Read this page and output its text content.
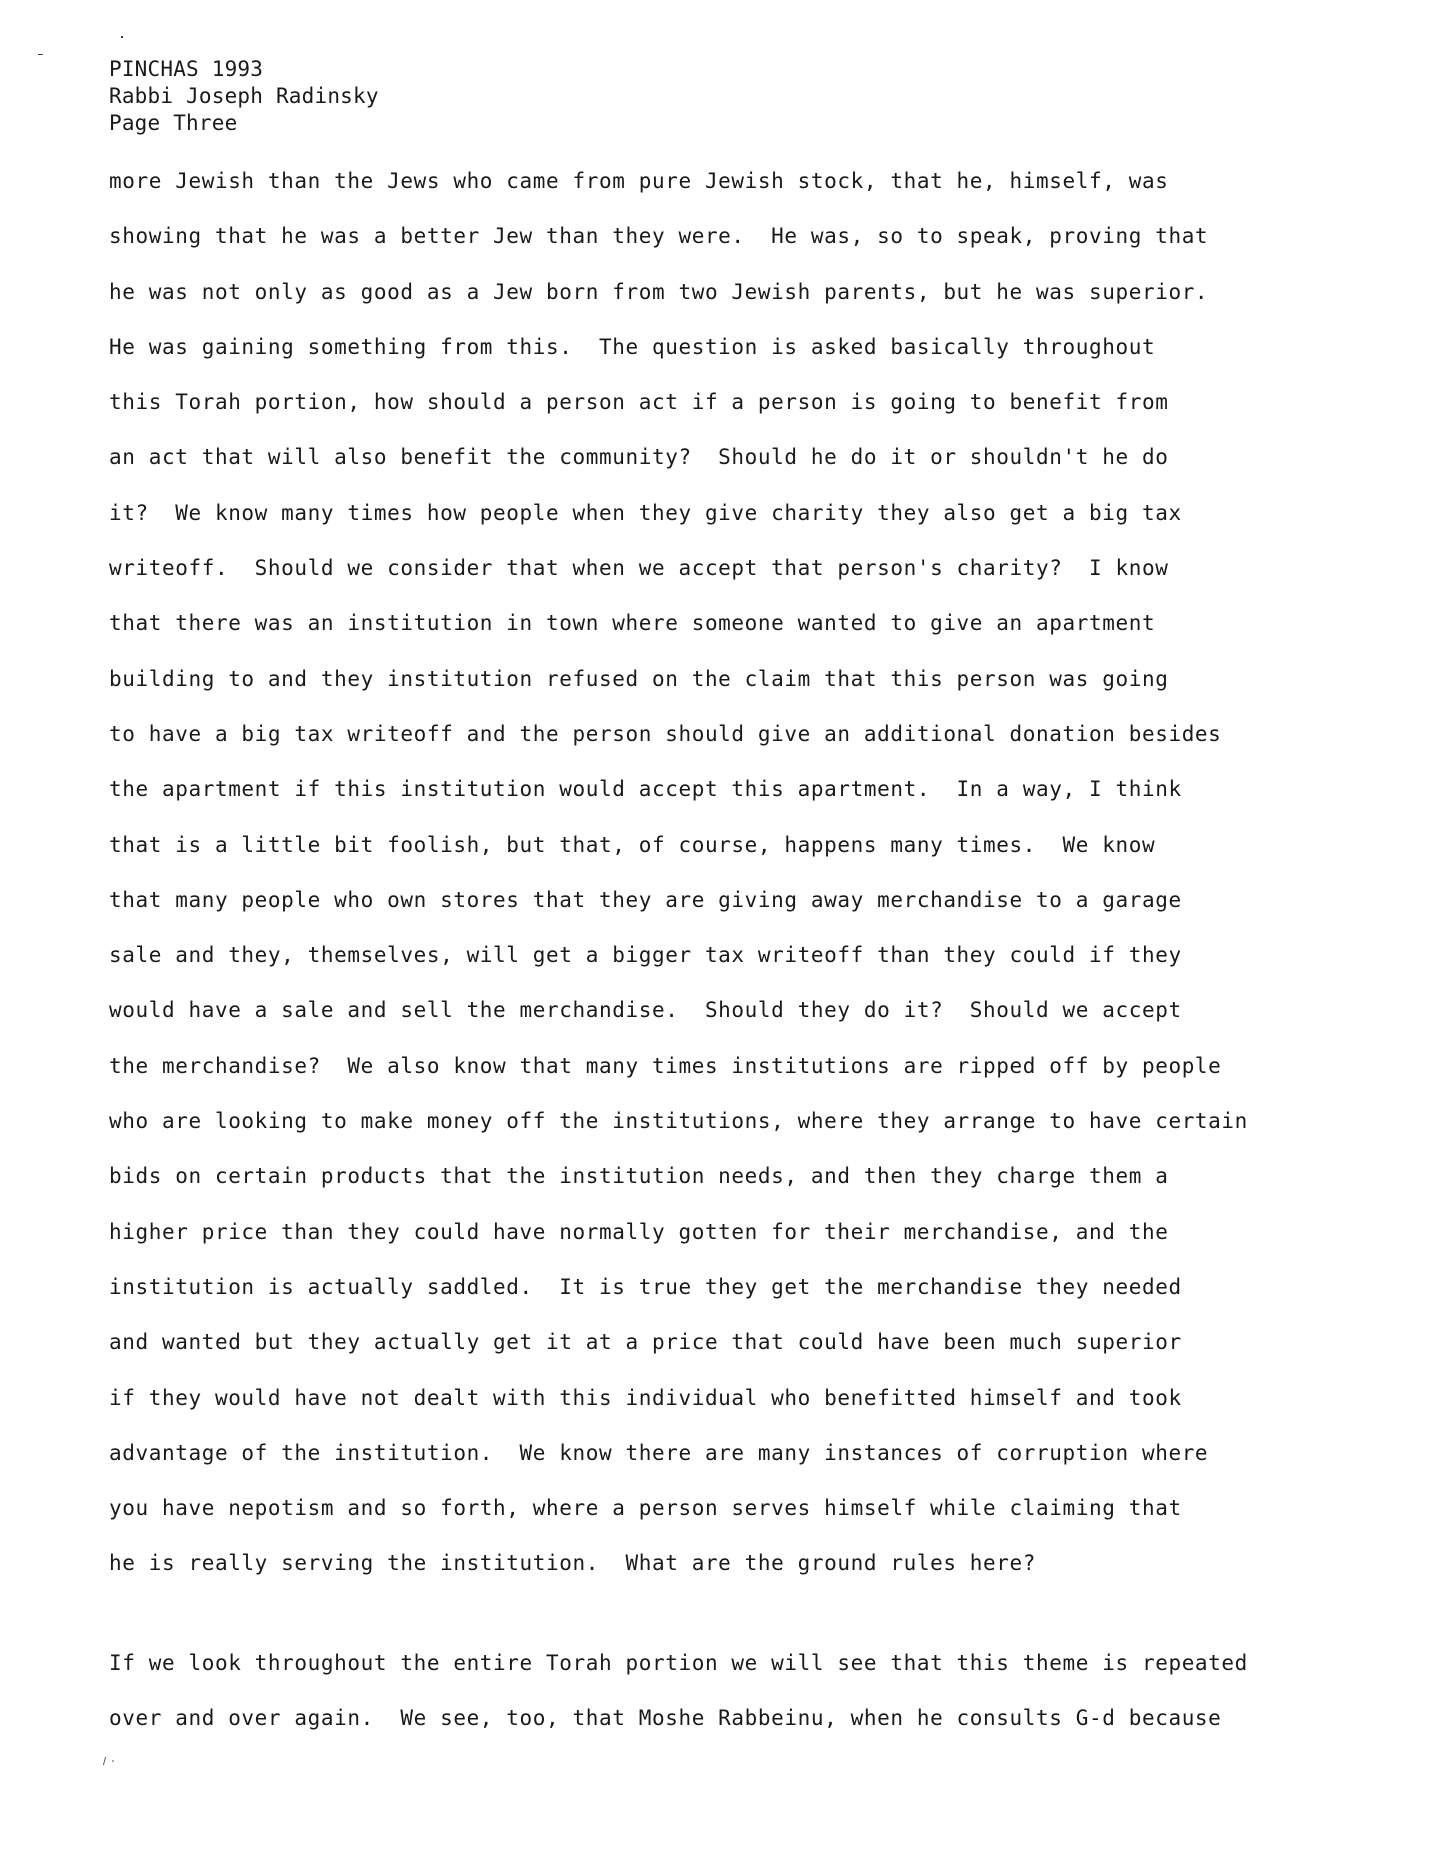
PINCHAS 1993
Rabbi Joseph Radinsky
Page Three
more Jewish than the Jews who came from pure Jewish stock, that he, himself, was
showing that he was a better Jew than they were.  He was, so to speak, proving that
he was not only as good as a Jew born from two Jewish parents, but he was superior.
He was gaining something from this.  The question is asked basically throughout
this Torah portion, how should a person act if a person is going to benefit from
an act that will also benefit the community?  Should he do it or shouldn't he do
it?  We know many times how people when they give charity they also get a big tax
writeoff.  Should we consider that when we accept that person's charity?  I know
that there was an institution in town where someone wanted to give an apartment
building to and they institution refused on the claim that this person was going
to have a big tax writeoff and the person should give an additional donation besides
the apartment if this institution would accept this apartment.  In a way, I think
that is a little bit foolish, but that, of course, happens many times.  We know
that many people who own stores that they are giving away merchandise to a garage
sale and they, themselves, will get a bigger tax writeoff than they could if they
would have a sale and sell the merchandise.  Should they do it?  Should we accept
the merchandise?  We also know that many times institutions are ripped off by people
who are looking to make money off the institutions, where they arrange to have certain
bids on certain products that the institution needs, and then they charge them a
higher price than they could have normally gotten for their merchandise, and the
institution is actually saddled.  It is true they get the merchandise they needed
and wanted but they actually get it at a price that could have been much superior
if they would have not dealt with this individual who benefitted himself and took
advantage of the institution.  We know there are many instances of corruption where
you have nepotism and so forth, where a person serves himself while claiming that
he is really serving the institution.  What are the ground rules here?
If we look throughout the entire Torah portion we will see that this theme is repeated
over and over again.  We see, too, that Moshe Rabbeinu, when he consults G-d because
